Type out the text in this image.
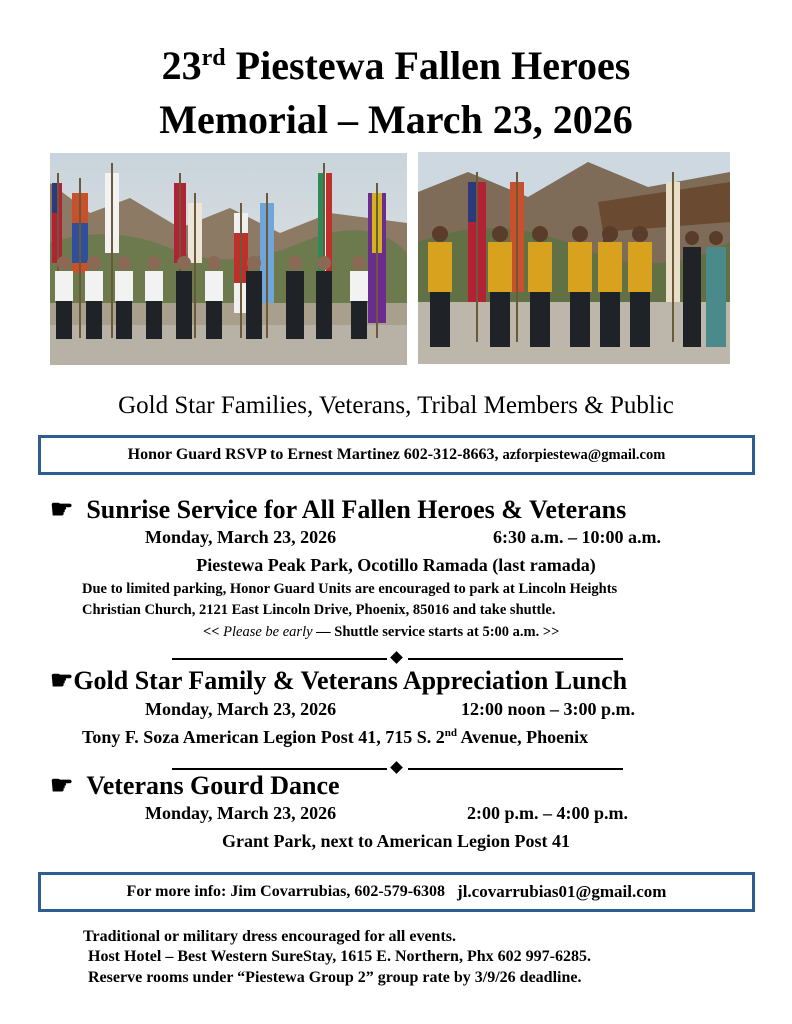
23rd Piestewa Fallen Heroes
Memorial – March 23, 2026
Gold Star Families, Veterans, Tribal Members & Public
Honor Guard RSVP to Ernest Martinez 602-312-8663,
azforpiestewa@gmail.com
☛ Sunrise Service for All Fallen Heroes & Veterans
Monday, March 23, 2026	6:30 a.m. – 10:00 a.m.
Piestewa Peak Park, Ocotillo Ramada (last ramada)
Due to limited parking, Honor Guard Units are encouraged to park at Lincoln Heights
Christian Church, 2121 East Lincoln Drive, Phoenix, 85016 and take shuttle.
<< Please be early — Shuttle service starts at 5:00 a.m. >>
☛Gold Star Family & Veterans Appreciation Lunch
Monday, March 23, 2026	12:00 noon – 3:00 p.m.
Tony F. Soza American Legion Post 41, 715 S. 2nd Avenue, Phoenix
☛ Veterans Gourd Dance
Monday, March 23, 2026	2:00 p.m. – 4:00 p.m.
Grant Park, next to American Legion Post 41
For more info: Jim Covarrubias, 602-579-6308
jl.covarrubias01@gmail.com
Traditional or military dress encouraged for all events.
Host Hotel – Best Western SureStay, 1615 E. Northern, Phx 602 997-6285.
Reserve rooms under “Piestewa Group 2” group rate by 3/9/26 deadline.
